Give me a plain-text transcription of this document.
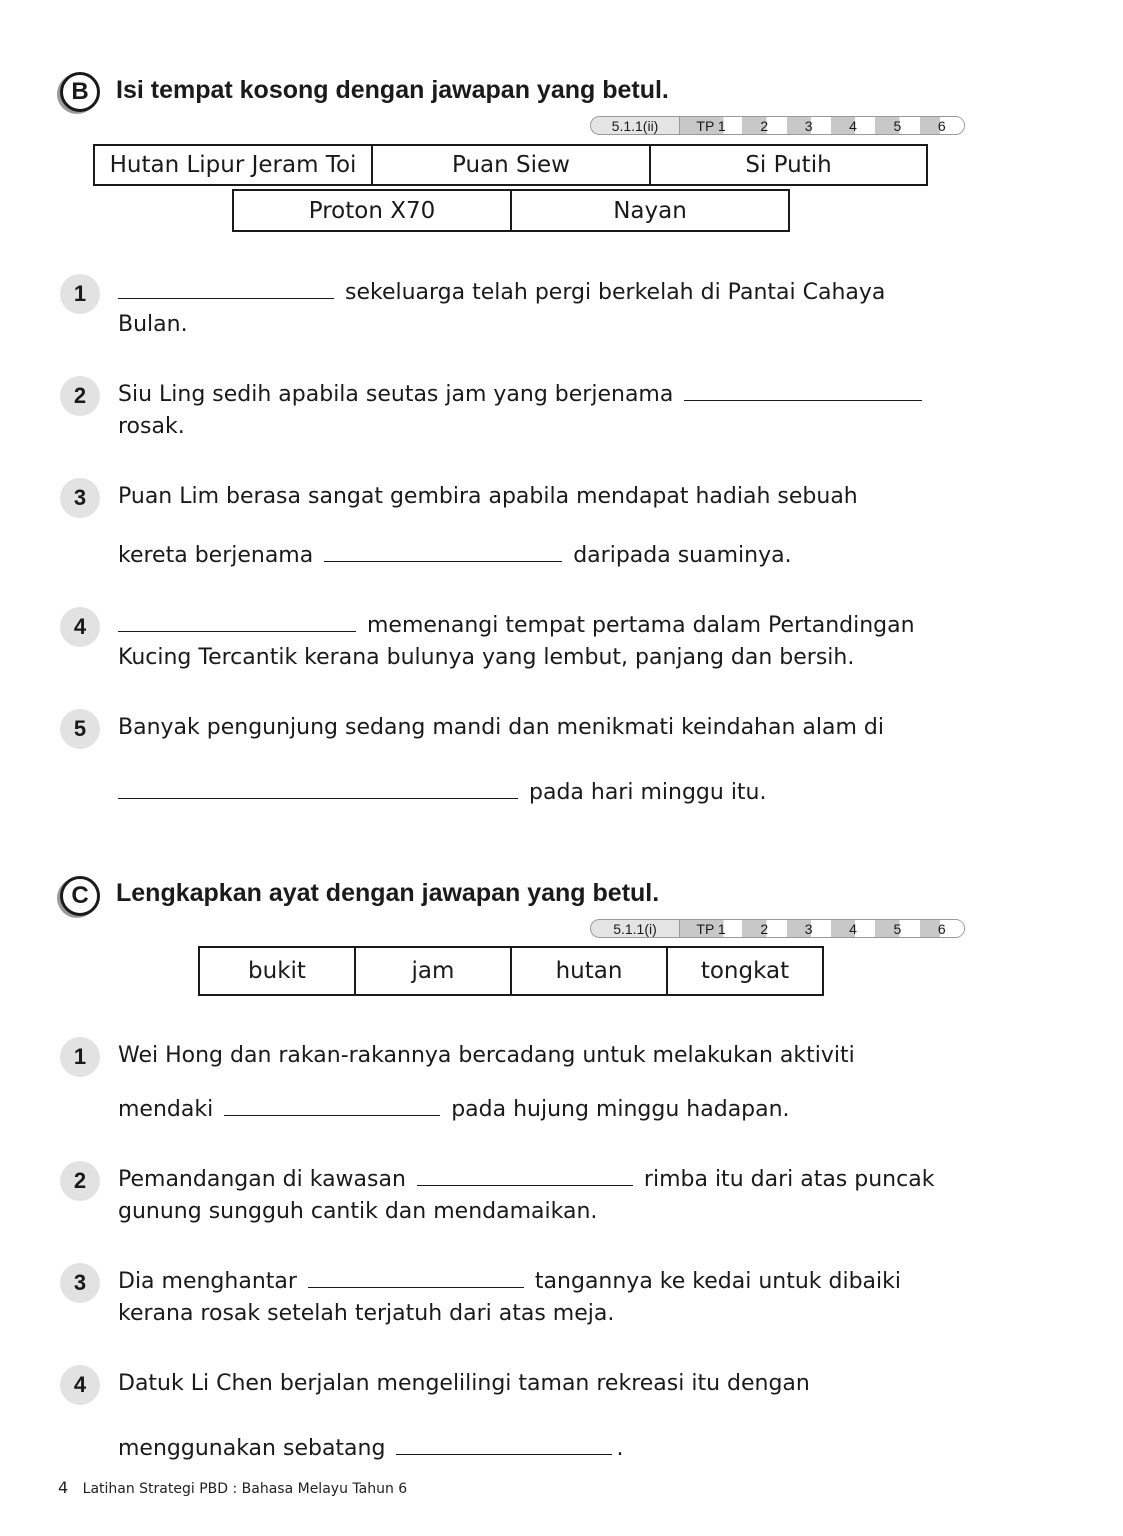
B Isi tempat kosong dengan jawapan yang betul.
5.1.1(ii)	TP 1	2	3	4	5	6
Hutan Lipur Jeram Toi	Puan Siew	Si Putih
Proton X70	Nayan
1	sekeluarga telah pergi berkelah di Pantai Cahaya
Bulan.
2	Siu Ling sedih apabila seutas jam yang berjenama
rosak.
3	Puan Lim berasa sangat gembira apabila mendapat hadiah sebuah
kereta berjenama	daripada suaminya.
4	memenangi tempat pertama dalam Pertandingan
Kucing Tercantik kerana bulunya yang lembut, panjang dan bersih.
5	Banyak pengunjung sedang mandi dan menikmati keindahan alam di
pada hari minggu itu.
C Lengkapkan ayat dengan jawapan yang betul.
5.1.1(i)	TP 1	2	3	4	5	6
bukit	jam	hutan	tongkat
1	Wei Hong dan rakan-rakannya bercadang untuk melakukan aktiviti
mendaki	pada hujung minggu hadapan.
2	Pemandangan di kawasan	rimba itu dari atas puncak
gunung sungguh cantik dan mendamaikan.
3	Dia menghantar	tangannya ke kedai untuk dibaiki
kerana rosak setelah terjatuh dari atas meja.
4	Datuk Li Chen berjalan mengelilingi taman rekreasi itu dengan
menggunakan sebatang	.
4 Latihan Strategi PBD : Bahasa Melayu Tahun 6
